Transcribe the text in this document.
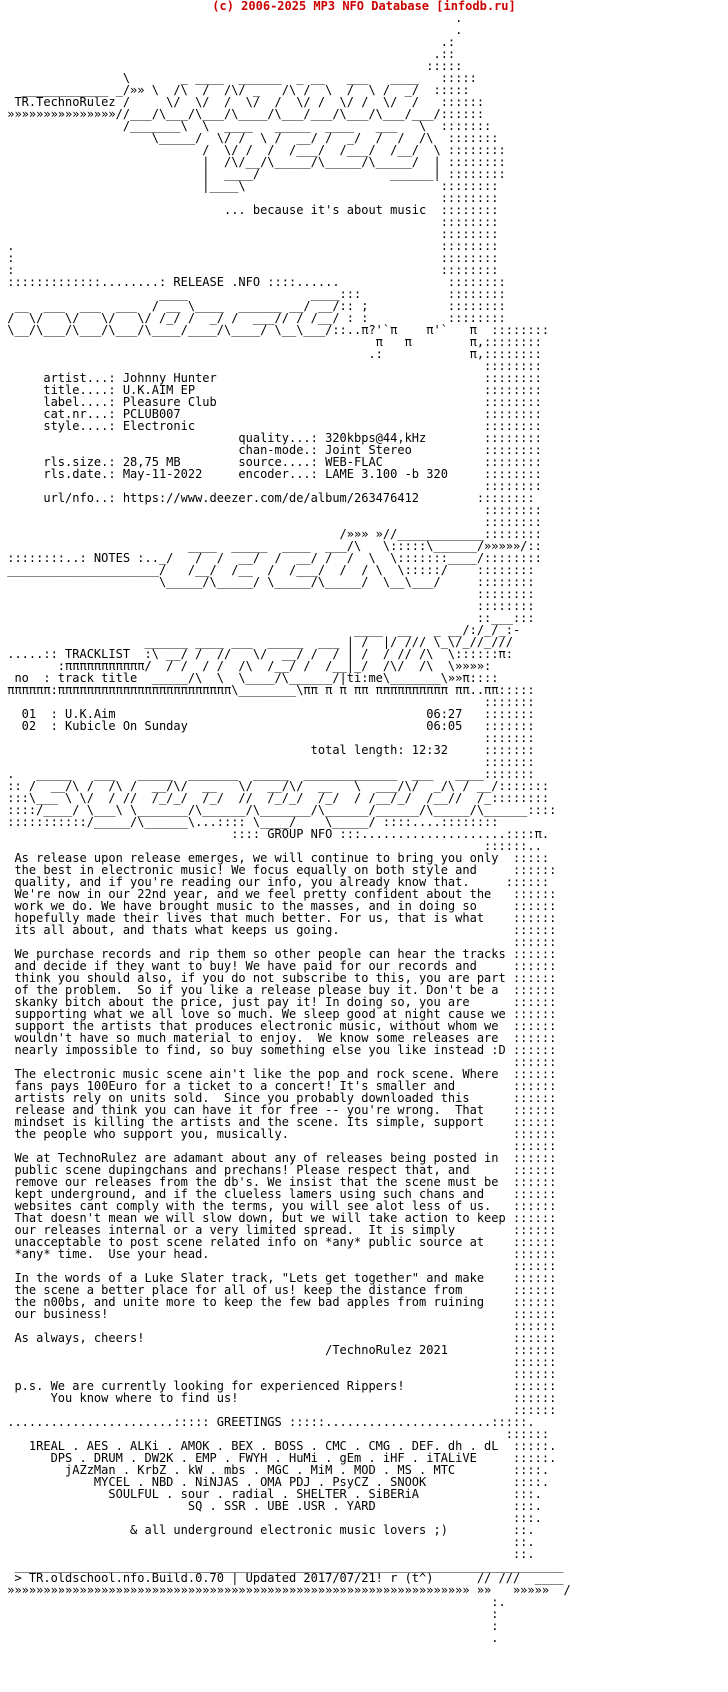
(c) 2006-2025 MP3 NFO Database [infodb.ru]
.
.
.:
.::
:::::
\       _ ____  ______  _ __   ___   ____   :::::
____________ _/»» \  /\  /  /\/ _   /\ /  \  /  \ /  _/  :::::
TR.TechnoRulez /     \/  \/  /  \/  /  \/ /  \/ /  \/  /   ::::::
»»»»»»»»»»»»»»»//___/\___/\___/\____/\___/___/\___/\___/___/::::::
/_______\  \  ____   _____  ____   ___   \  :::::::
\_____/  \/ /  \ /  __/ /  _/  /  /  /\  :::::::
/  \/ /  /  /___/  /___/  /__/  \ ::::::::
|  /\/__/\_____/\_____/\_____/  | ::::::::
|  ____/                  ______| ::::::::
|____\                           ::::::::
::::::::
... because it's about music  ::::::::
::::::::
::::::::
.                                                           ::::::::
:                                                           ::::::::
:                                                           ::::::::
:::::::::::::........: RELEASE .NFO ::::......               ::::::::
____                 ____:::            ::::::::
__  ___  ___  ___  / __ \____  ______ __/ __/:: ;           ::::::::
/  \/   \/   \/   \/ /_/ /  _/ /  ___// / /__/ : :           ::::::::
\__/\___/\___/\___/\____/____/\____/ \__\___/::..π?'`π    π'`   π  ::::::::
π   π        π,::::::::
.:            π,::::::::
::::::::
artist...: Johnny Hunter                                     ::::::::
title....: U.K.AIM EP                                        ::::::::
label....: Pleasure Club                                     ::::::::
cat.nr...: PCLUB007                                          ::::::::
style....: Electronic                                        ::::::::
quality...: 320kbps@44,kHz        ::::::::
chan-mode.: Joint Stereo          ::::::::
rls.size.: 28,75 MB        source....: WEB-FLAC              ::::::::
rls.date.: May-11-2022     encoder...: LAME 3.100 -b 320     ::::::::
::::::::
url/nfo..: https://www.deezer.com/de/album/263476412        ::::::::
::::::::
::::::::
/»»» »//____________::::::::
____  _____  ____  ___/\   \:::::\______/»»»»»/::
::::::::..: NOTES :.._/   /  /  __/  /  __/ /  /  \  \:::::::____/::::::::
_____________________/   /__/  /__  /  /___/  /  / \  \:::::/    ::::::::
\_____/\_____/ \_____/\_____/  \__\___/     ::::::::
::::::::
::::::::
::___:::
____  __   _ __/:/_/_:-
______ ____ ___  _____  ___ | /  |/ /// \_\/_//_///
.....:: TRACKLIST  :\ __/ /  //   \/  __/ /  / | /  / // /\  \::::::π:
:πππππππππππ/  / /  / /  /\  /__/ /  /__|_/  /\/  /\  \»»»»:
no  : track title  _____/\  \  \____/\______/|ti:me\_______\»»π::::
ππππππ:ππππππππππππππππππππππππ\________\ππ π π ππ ππππππππππ ππ..ππ:::::
:::::::
01  : U.K.Aim                                           06:27   :::::::
02  : Kubicle On Sunday                                 06:05   :::::::
:::::::
total length: 12:32     :::::::
:::::::
.   _____   ___   _____  _______  _____  _____________  ___   ____:::::::
:: /  __/\ /  /\ /  __/\/  __   \/  __/\/  __   \  ___/\/  _/\ / __/:::::::
:::\___ \ \/  / //  /_/_/  /_/  //  /_/_/  /_/  / /__/_/  /__//  /_::::::::
::::/____/ \___\ \_______/\______/\_______/\______/______/\_____/\______::::
:::::::::::/_____/\______\...:::: \____/    \_____/ ::::....::::::::
:::: GROUP NFO :::....................::::π.
::::::..
As release upon release emerges, we will continue to bring you only  :::::
the best in electronic music! We focus equally on both style and     ::::::
quality, and if you're reading our info, you already know that.     ::::::
We're now in our 22nd year, and we feel pretty confident about the   ::::::
work we do. We have brought music to the masses, and in doing so     ::::::
hopefully made their lives that much better. For us, that is what    ::::::
its all about, and thats what keeps us going.                        ::::::
::::::
We purchase records and rip them so other people can hear the tracks ::::::
and decide if they want to buy! We have paid for our records and     ::::::
think you should also, if you do not subscribe to this, you are part ::::::
of the problem.  So if you like a release please buy it. Don't be a  ::::::
skanky bitch about the price, just pay it! In doing so, you are      ::::::
supporting what we all love so much. We sleep good at night cause we ::::::
support the artists that produces electronic music, without whom we  ::::::
wouldn't have so much material to enjoy.  We know some releases are  ::::::
nearly impossible to find, so buy something else you like instead :D ::::::
::::::
The electronic music scene ain't like the pop and rock scene. Where  ::::::
fans pays 100Euro for a ticket to a concert! It's smaller and        ::::::
artists rely on units sold.  Since you probably downloaded this      ::::::
release and think you can have it for free -- you're wrong.  That    ::::::
mindset is killing the artists and the scene. Its simple, support    ::::::
the people who support you, musically.                               ::::::
::::::
We at TechnoRulez are adamant about any of releases being posted in  ::::::
public scene dupingchans and prechans! Please respect that, and      ::::::
remove our releases from the db's. We insist that the scene must be  ::::::
kept underground, and if the clueless lamers using such chans and    ::::::
websites cant comply with the terms, you will see alot less of us.   ::::::
That doesn't mean we will slow down, but we will take action to keep ::::::
our releases internal or a very limited spread.  It is simply        ::::::
unacceptable to post scene related info on *any* public source at    ::::::
*any* time.  Use your head.                                          ::::::
::::::
In the words of a Luke Slater track, "Lets get together" and make    ::::::
the scene a better place for all of us! keep the distance from       ::::::
the n00bs, and unite more to keep the few bad apples from ruining    ::::::
our business!                                                        ::::::
::::::
As always, cheers!                                                   ::::::
/TechnoRulez 2021         ::::::
::::::
::::::
p.s. We are currently looking for experienced Rippers!               ::::::
You know where to find us!                                      ::::::
::::::
.......................::::: GREETINGS :::::.......................:::::.
::::::
1REAL . AES . ALKi . AMOK . BEX . BOSS . CMC . CMG . DEF. dh . dL  :::::.
DPS . DRUM . DW2K . EMP . FWYH . HuMi . gEm . iHF . iTALiVE     :::::.
jAZzMan . KrbZ . kW . mbs . MGC . MiM . MOD . MS . MTC        ::::.
MYCEL . NBD . NiNJAS . OMA PDJ . PsyCZ . SNOOK            ::::.
SOULFUL . sour . radial . SHELTER . SiBERiA             :::.
SQ . SSR . UBE .USR . YARD                   :::.
:::.
& all underground electronic music lovers ;)         ::.
::.
::.
____________________________________________________________________________
> TR.oldschool.nfo.Build.0.70 | Updated 2017/07/21! r (t^)      // ///  ____
»»»»»»»»»»»»»»»»»»»»»»»»»»»»»»»»»»»»»»»»»»»»»»»»»»»»»»»»»»»»»»»» »»   »»»»»  /
:.
:
:
.
